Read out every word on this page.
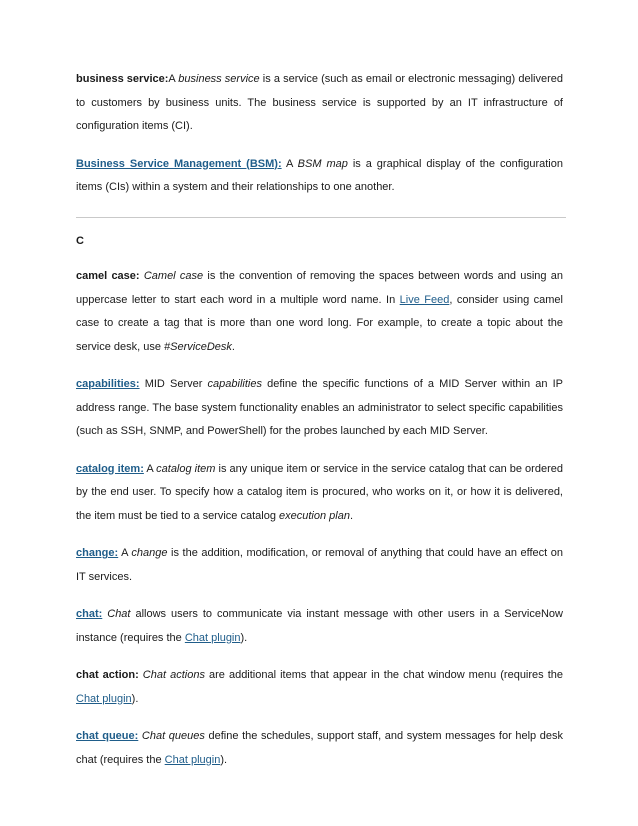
business service:A business service is a service (such as email or electronic messaging) delivered to customers by business units. The business service is supported by an IT infrastructure of configuration items (CI).

Business Service Management (BSM): A BSM map is a graphical display of the configuration items (CIs) within a system and their relationships to one another.

C

camel case: Camel case is the convention of removing the spaces between words and using an uppercase letter to start each word in a multiple word name. In Live Feed, consider using camel case to create a tag that is more than one word long. For example, to create a topic about the service desk, use #ServiceDesk.

capabilities: MID Server capabilities define the specific functions of a MID Server within an IP address range. The base system functionality enables an administrator to select specific capabilities (such as SSH, SNMP, and PowerShell) for the probes launched by each MID Server.

catalog item: A catalog item is any unique item or service in the service catalog that can be ordered by the end user. To specify how a catalog item is procured, who works on it, or how it is delivered, the item must be tied to a service catalog execution plan.

change: A change is the addition, modification, or removal of anything that could have an effect on IT services.

chat: Chat allows users to communicate via instant message with other users in a ServiceNow instance (requires the Chat plugin).

chat action: Chat actions are additional items that appear in the chat window menu (requires the Chat plugin).

chat queue: Chat queues define the schedules, support staff, and system messages for help desk chat (requires the Chat plugin).
